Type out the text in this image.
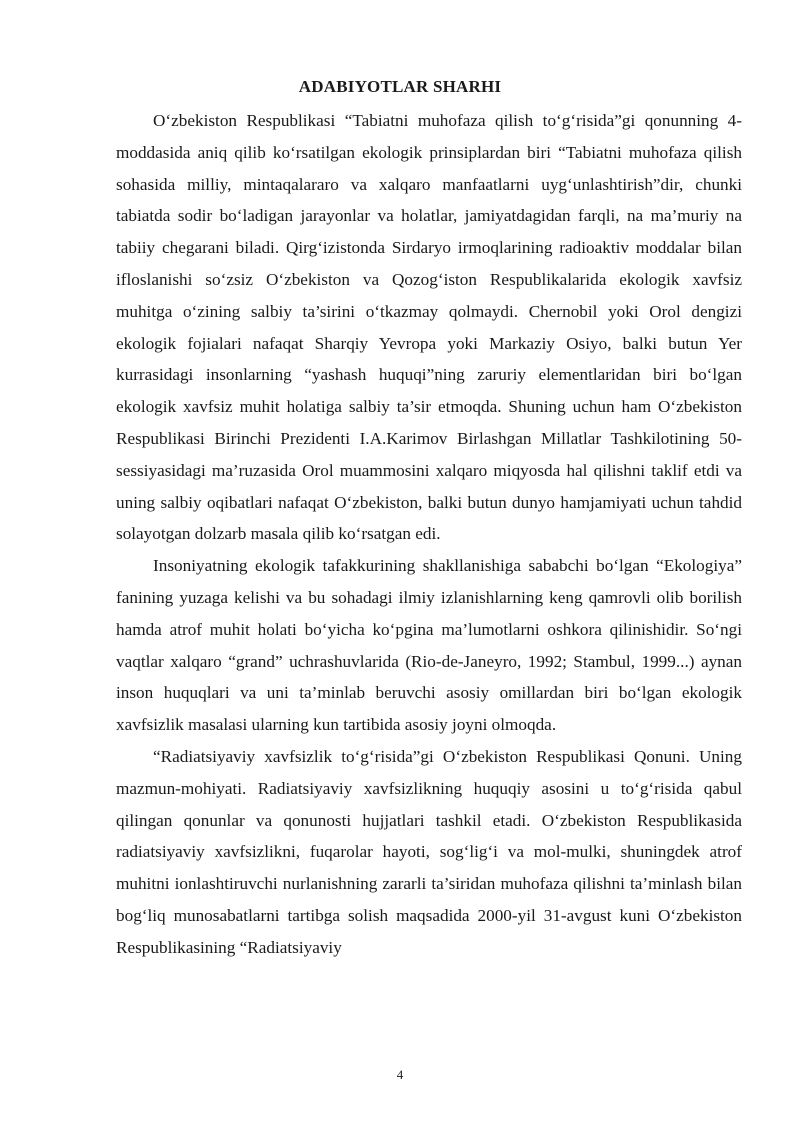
ADABIYOTLAR SHARHI

O‘zbekiston Respublikasi “Tabiatni muhofaza qilish to‘g‘risida”gi qonunning 4-moddasida aniq qilib ko‘rsatilgan ekologik prinsiplardan biri “Tabiatni muhofaza qilish sohasida milliy, mintaqalararo va xalqaro manfaatlarni uyg‘unlashtirish”dir, chunki tabiatda sodir bo‘ladigan jarayonlar va holatlar, jamiyatdagidan farqli, na ma’muriy na tabiiy chegarani biladi. Qirg‘izistonda Sirdaryo irmoqlarining radioaktiv moddalar bilan ifloslanishi so‘zsiz O‘zbekiston va Qozog‘iston Respublikalarida ekologik xavfsiz muhitga o‘zining salbiy ta’sirini o‘tkazmay qolmaydi. Chernobil yoki Orol dengizi ekologik fojialari nafaqat Sharqiy Yevropa yoki Markaziy Osiyo, balki butun Yer kurrasidagi insonlarning “yashash huquqi”ning zaruriy elementlaridan biri bo‘lgan ekologik xavfsiz muhit holatiga salbiy ta’sir etmoqda. Shuning uchun ham O‘zbekiston Respublikasi Birinchi Prezidenti I.A.Karimov Birlashgan Millatlar Tashkilotining 50-sessiyasidagi ma’ruzasida Orol muammosini xalqaro miqyosda hal qilishni taklif etdi va uning salbiy oqibatlari nafaqat O‘zbekiston, balki butun dunyo hamjamiyati uchun tahdid solayotgan dolzarb masala qilib ko‘rsatgan edi.

Insoniyatning ekologik tafakkurining shakllanishiga sababchi bo‘lgan “Ekologiya” fanining yuzaga kelishi va bu sohadagi ilmiy izlanishlarning keng qamrovli olib borilish hamda atrof muhit holati bo‘yicha ko‘pgina ma’lumotlarni oshkora qilinishidir. So‘ngi vaqtlar xalqaro “grand” uchrashuvlarida (Rio-de-Janeyro, 1992; Stambul, 1999...) aynan inson huquqlari va uni ta’minlab beruvchi asosiy omillardan biri bo‘lgan ekologik xavfsizlik masalasi ularning kun tartibida asosiy joyni olmoqda.

“Radiatsiyaviy xavfsizlik to‘g‘risida”gi O‘zbekiston Respublikasi Qonuni. Uning mazmun-mohiyati. Radiatsiyaviy xavfsizlikning huquqiy asosini u to‘g‘risida qabul qilingan qonunlar va qonunosti hujjatlari tashkil etadi. O‘zbekiston Respublikasida radiatsiyaviy xavfsizlikni, fuqarolar hayoti, sog‘lig‘i va mol-mulki, shuningdek atrof muhitni ionlashtiruvchi nurlanishning zararli ta’siridan muhofaza qilishni ta’minlash bilan bog‘liq munosabatlarni tartibga solish maqsadida 2000-yil 31-avgust kuni O‘zbekiston Respublikasining “Radiatsiyaviy

4
